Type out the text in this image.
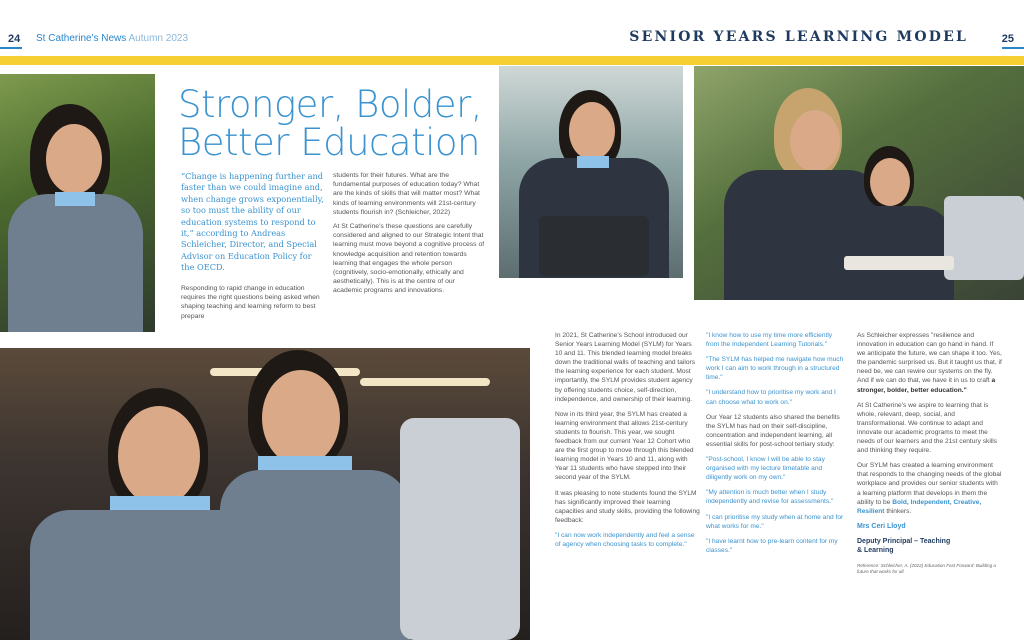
24 St Catherine's News Autumn 2023	SENIOR YEARS LEARNING MODEL	25
Stronger, Bolder,
Better Education

“Change is happening further and faster than we could imagine and, when change grows exponentially, so too must the ability of our education systems to respond to it,” according to Andreas Schleicher, Director, and Special Advisor on Education Policy for the OECD.

Responding to rapid change in education requires the right questions being asked when shaping teaching and learning reform to best prepare

students for their futures. What are the fundamental purposes of education today? What are the kinds of skills that will matter most? What kinds of learning environments will 21st-century students flourish in? (Schleicher, 2022)

At St Catherine's these questions are carefully considered and aligned to our Strategic Intent that learning must move beyond a cognitive process of knowledge acquisition and retention towards learning that engages the whole person (cognitively, socio-emotionally, ethically and aesthetically). This is at the centre of our academic programs and innovations.

In 2021, St Catherine's School introduced our Senior Years Learning Model (SYLM) for Years 10 and 11. This blended learning model breaks down the traditional walls of teaching and tailors the learning experience for each student. Most importantly, the SYLM provides student agency by offering students choice, self-direction, independence, and ownership of their learning.

Now in its third year, the SYLM has created a learning environment that allows 21st-century students to flourish. This year, we sought feedback from our current Year 12 Cohort who are the first group to move through this blended learning model in Years 10 and 11, along with Year 11 students who have stepped into their second year of the SYLM.

It was pleasing to note students found the SYLM has significantly improved their learning capacities and study skills, providing the following feedback:

"I can now work independently and feel a sense of agency when choosing tasks to complete."

"I know how to use my time more efficiently from the Independent Learning Tutorials."

"The SYLM has helped me navigate how much work I can aim to work through in a structured time."

"I understand how to prioritise my work and I can choose what to work on."

Our Year 12 students also shared the benefits the SYLM has had on their self-discipline, concentration and independent learning, all essential skills for post-school tertiary study:

"Post-school, I know I will be able to stay organised with my lecture timetable and diligently work on my own."

"My attention is much better when I study independently and revise for assessments."

"I can prioritise my study when at home and for what works for me."

"I have learnt how to pre-learn content for my classes."

As Schleicher expresses "resilience and innovation in education can go hand in hand. If we anticipate the future, we can shape it too. Yes, the pandemic surprised us. But it taught us that, if need be, we can rewire our systems on the fly. And if we can do that, we have it in us to craft a stronger, bolder, better education."

At St Catherine's we aspire to learning that is whole, relevant, deep, social, and transformational. We continue to adapt and innovate our academic programs to meet the needs of our learners and the 21st century skills and thinking they require.

Our SYLM has created a learning environment that responds to the changing needs of the global workplace and provides our senior students with a learning platform that develops in them the ability to be Bold, Independent, Creative, Resilient thinkers.

Mrs Ceri Lloyd

Deputy Principal – Teaching
& Learning

Reference: Schleicher, A. (2022) Education Fast Forward: Building a future that works for all.
